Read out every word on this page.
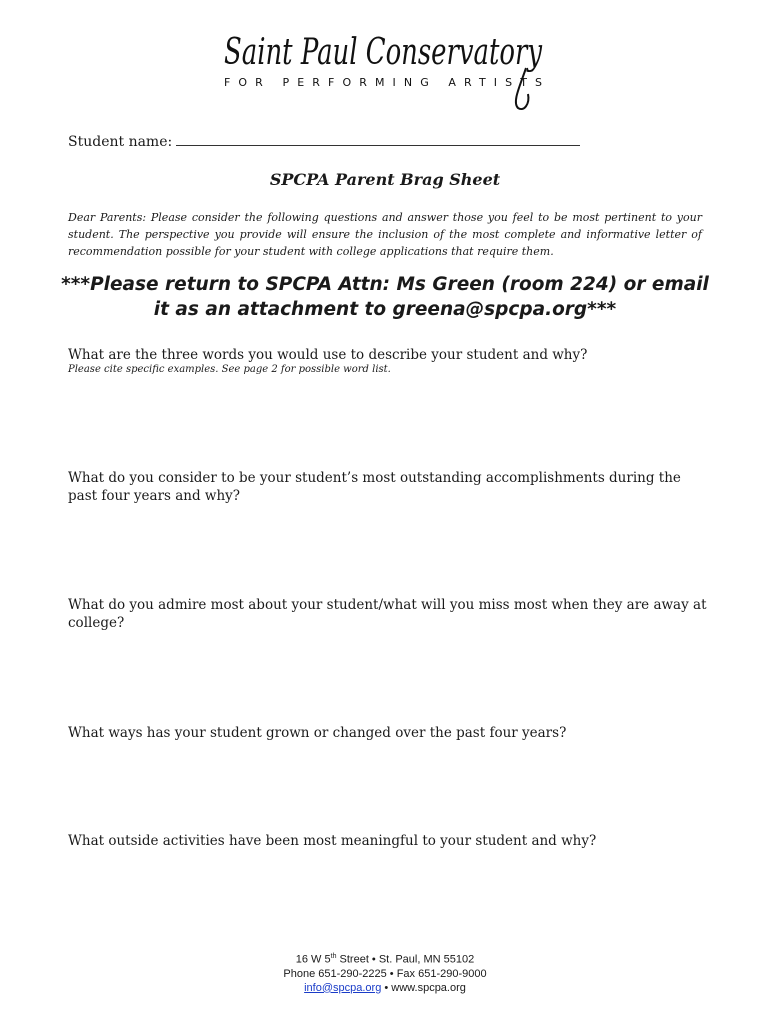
Saint Paul Conservatory
FOR PERFORMING ARTISTS
Student name:
SPCPA Parent Brag Sheet
Dear Parents: Please consider the following questions and answer those you feel to be most pertinent to your student. The perspective you provide will ensure the inclusion of the most complete and informative letter of recommendation possible for your student with college applications that require them.
***Please return to SPCPA Attn: Ms Green (room 224) or email it as an attachment to greena@spcpa.org***
What are the three words you would use to describe your student and why?
Please cite specific examples. See page 2 for possible word list.
What do you consider to be your student’s most outstanding accomplishments during the past four years and why?
What do you admire most about your student/what will you miss most when they are away at college?
What ways has your student grown or changed over the past four years?
What outside activities have been most meaningful to your student and why?
16 W 5th Street • St. Paul, MN 55102
Phone 651-290-2225 • Fax 651-290-9000
info@spcpa.org • www.spcpa.org
